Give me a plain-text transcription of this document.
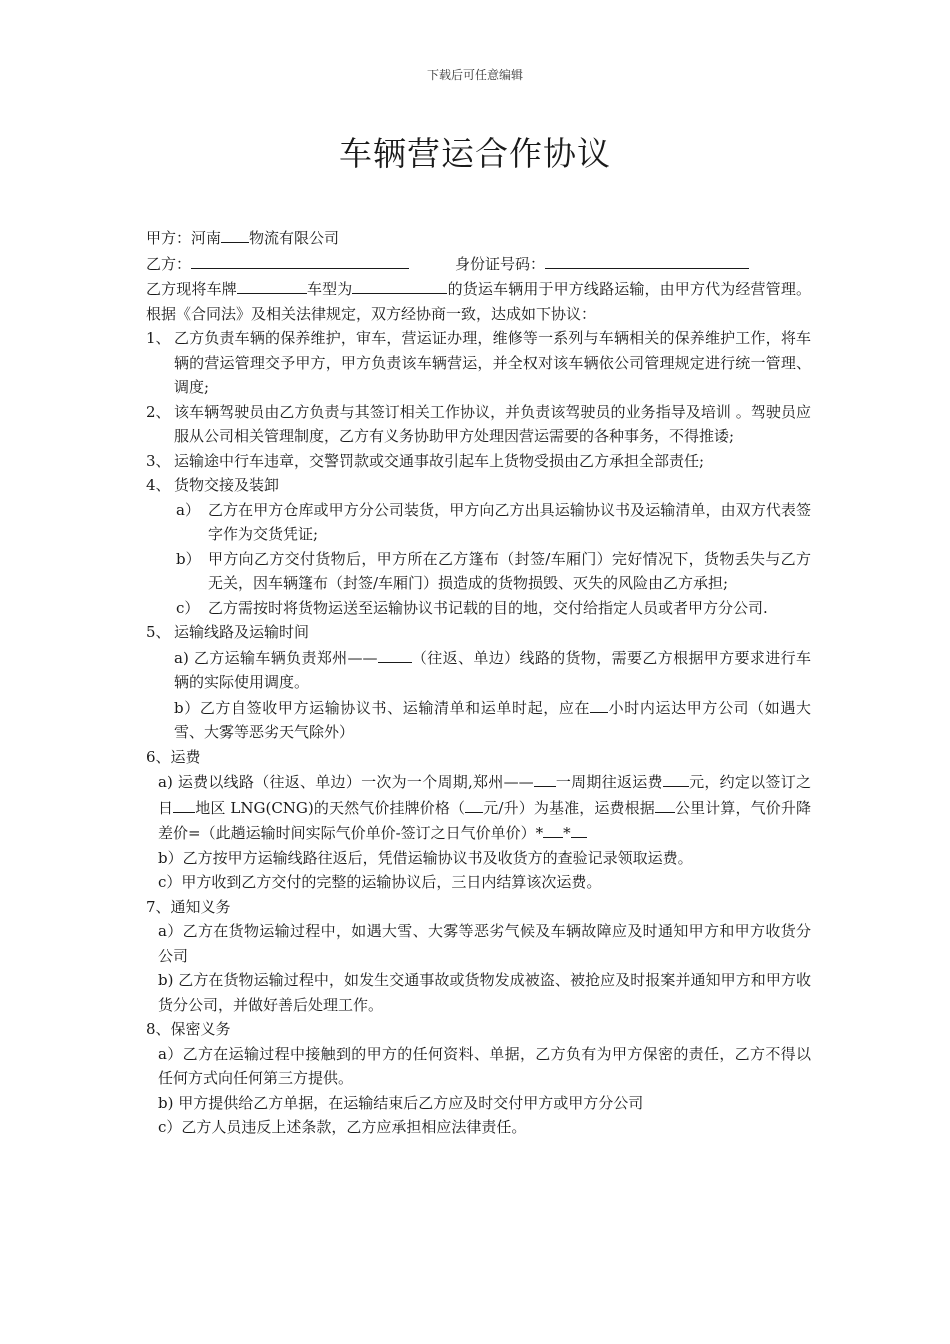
下载后可任意编辑
车辆营运合作协议
甲方：河南 物流有限公司
乙方：	身份证号码：
乙方现将车牌	车型为	的货运车辆用于甲方线路运输，由甲方代为经营管理。根据《合同法》及相关法律规定，双方经协商一致，达成如下协议：
1、 乙方负责车辆的保养维护，审车，营运证办理，维修等一系列与车辆相关的保养维护工作，将车辆的营运管理交予甲方，甲方负责该车辆营运，并全权对该车辆依公司管理规定进行统一管理、调度;
2、 该车辆驾驶员由乙方负责与其签订相关工作协议，并负责该驾驶员的业务指导及培训 。驾驶员应服从公司相关管理制度，乙方有义务协助甲方处理因营运需要的各种事务，不得推诿;
3、 运输途中行车违章，交警罚款或交通事故引起车上货物受损由乙方承担全部责任;
4、 货物交接及装卸
a） 乙方在甲方仓库或甲方分公司装货，甲方向乙方出具运输协议书及运输清单，由双方代表签字作为交货凭证;
b） 甲方向乙方交付货物后，甲方所在乙方篷布（封签/车厢门）完好情况下，货物丢失与乙方无关，因车辆篷布（封签/车厢门）损造成的货物损毁、灭失的风险由乙方承担;
c） 乙方需按时将货物运送至运输协议书记载的目的地，交付给指定人员或者甲方分公司.
5、 运输线路及运输时间
a) 乙方运输车辆负责郑州—— （往返、单边）线路的货物，需要乙方根据甲方要求进行车辆的实际使用调度。
b）乙方自签收甲方运输协议书、运输清单和运单时起，应在 小时内运达甲方公司（如遇大雪、大雾等恶劣天气除外）
6、运费
a) 运费以线路（往返、单边）一次为一个周期,郑州—— 一周期往返运费 元，约定以签订之日 地区 LNG(CNG)的天然气价挂牌价格（ 元/升）为基准，运费根据 公里计算，气价升降差价=（此趟运输时间实际气价单价-签订之日气价单价）* *
b）乙方按甲方运输线路往返后，凭借运输协议书及收货方的查验记录领取运费。
c）甲方收到乙方交付的完整的运输协议后，三日内结算该次运费。
7、通知义务
a）乙方在货物运输过程中，如遇大雪、大雾等恶劣气候及车辆故障应及时通知甲方和甲方收货分公司
b) 乙方在货物运输过程中，如发生交通事故或货物发成被盗、被抢应及时报案并通知甲方和甲方收货分公司，并做好善后处理工作。
8、保密义务
a）乙方在运输过程中接触到的甲方的任何资料、单据，乙方负有为甲方保密的责任，乙方不得以任何方式向任何第三方提供。
b) 甲方提供给乙方单据，在运输结束后乙方应及时交付甲方或甲方分公司
c）乙方人员违反上述条款，乙方应承担相应法律责任。
